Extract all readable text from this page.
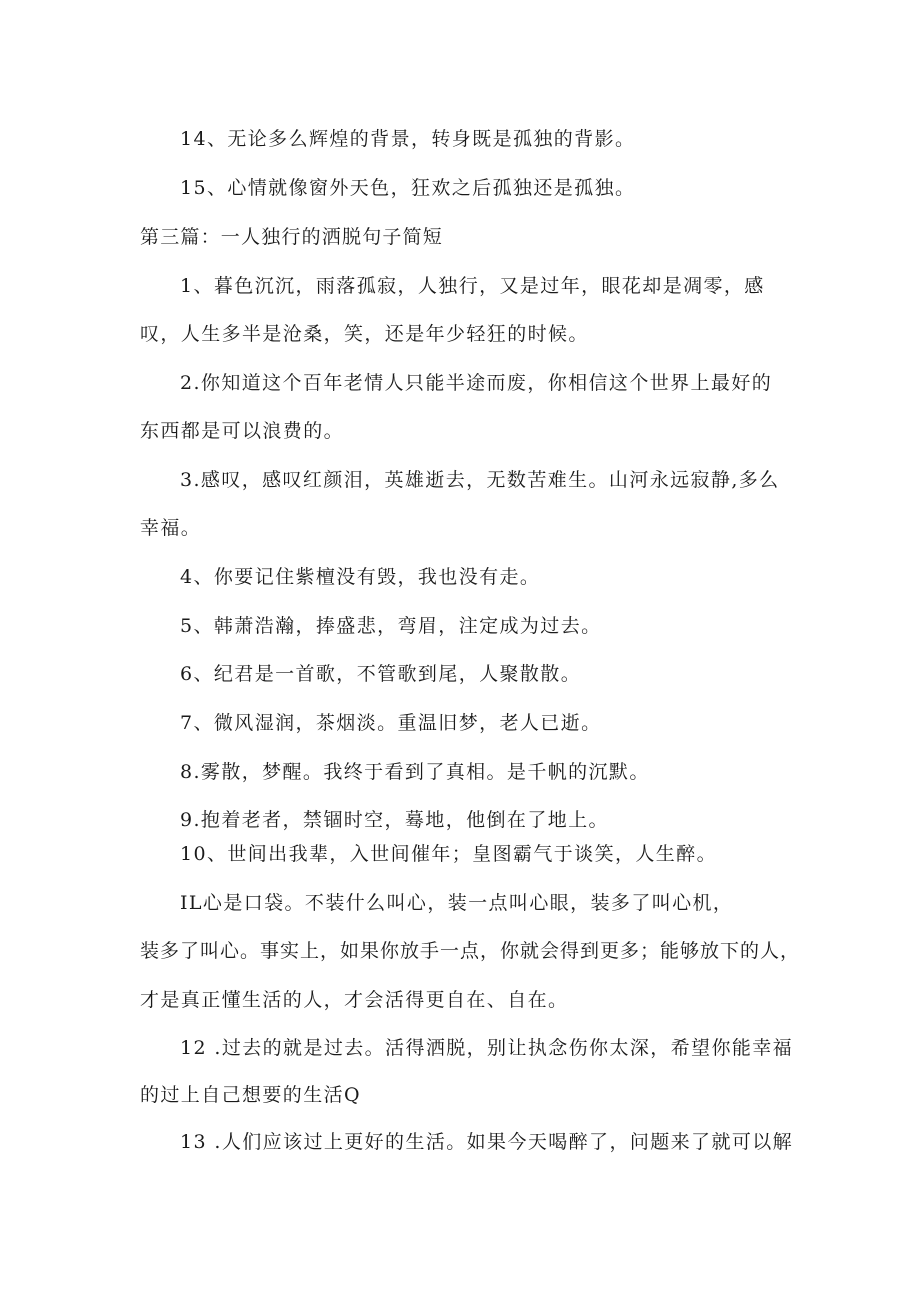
14、无论多么辉煌的背景，转身既是孤独的背影。
15、心情就像窗外天色，狂欢之后孤独还是孤独。
第三篇：一人独行的洒脱句子简短
1、暮色沉沉，雨落孤寂，人独行，又是过年，眼花却是凋零，感
叹，人生多半是沧桑，笑，还是年少轻狂的时候。
2.你知道这个百年老情人只能半途而废，你相信这个世界上最好的
东西都是可以浪费的。
3.感叹，感叹红颜泪，英雄逝去，无数苦难生。山河永远寂静,多么
幸福。
4、你要记住紫檀没有毁，我也没有走。
5、韩萧浩瀚，捧盛悲，弯眉，注定成为过去。
6、纪君是一首歌，不管歌到尾，人聚散散。
7、微风湿润，茶烟淡。重温旧梦，老人已逝。
8.雾散，梦醒。我终于看到了真相。是千帆的沉默。
9.抱着老者，禁锢时空，蓦地，他倒在了地上。
10、世间出我辈，入世间催年；皇图霸气于谈笑，人生醉。
IL心是口袋。不装什么叫心，装一点叫心眼，装多了叫心机，
装多了叫心。事实上，如果你放手一点，你就会得到更多；能够放下的人，
才是真正懂生活的人，才会活得更自在、自在。
12 .过去的就是过去。活得洒脱，别让执念伤你太深，希望你能幸福
的过上自己想要的生活Q
13 .人们应该过上更好的生活。如果今天喝醉了，问题来了就可以解
